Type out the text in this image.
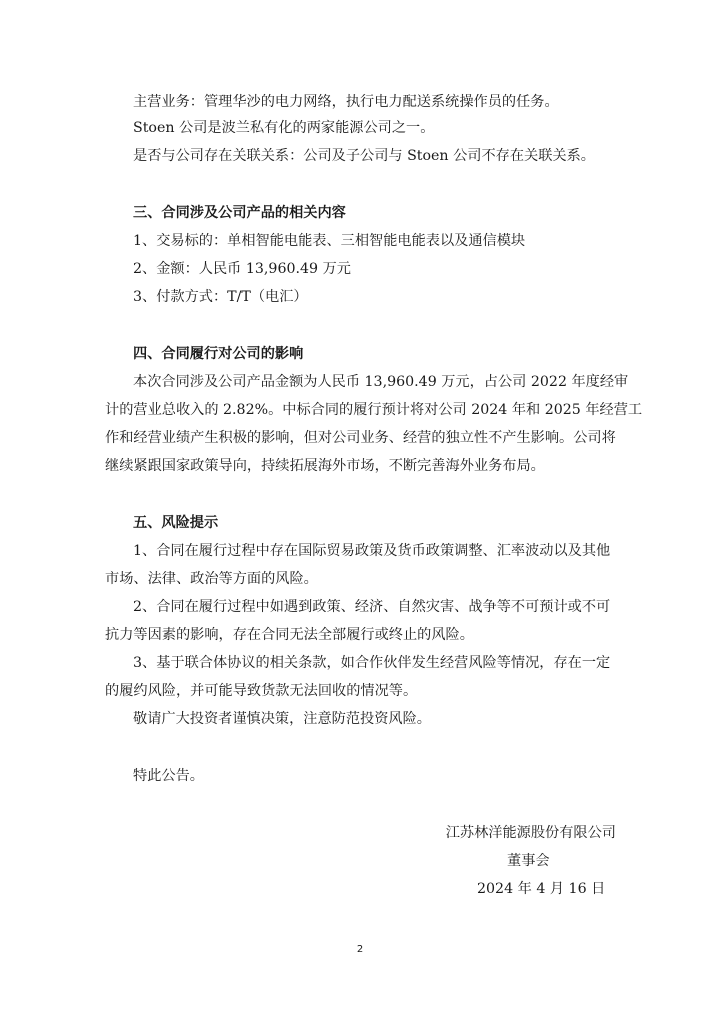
主营业务：管理华沙的电力网络，执行电力配送系统操作员的任务。
Stoen 公司是波兰私有化的两家能源公司之一。
是否与公司存在关联关系：公司及子公司与 Stoen 公司不存在关联关系。
三、合同涉及公司产品的相关内容
1、交易标的：单相智能电能表、三相智能电能表以及通信模块
2、金额：人民币 13,960.49 万元
3、付款方式：T/T（电汇）
四、合同履行对公司的影响
本次合同涉及公司产品金额为人民币 13,960.49 万元，占公司 2022 年度经审
计的营业总收入的 2.82%。中标合同的履行预计将对公司 2024 年和 2025 年经营工
作和经营业绩产生积极的影响，但对公司业务、经营的独立性不产生影响。公司将
继续紧跟国家政策导向，持续拓展海外市场，不断完善海外业务布局。
五、风险提示
1、合同在履行过程中存在国际贸易政策及货币政策调整、汇率波动以及其他
市场、法律、政治等方面的风险。
2、合同在履行过程中如遇到政策、经济、自然灾害、战争等不可预计或不可
抗力等因素的影响，存在合同无法全部履行或终止的风险。
3、基于联合体协议的相关条款，如合作伙伴发生经营风险等情况，存在一定
的履约风险，并可能导致货款无法回收的情况等。
敬请广大投资者谨慎决策，注意防范投资风险。
特此公告。
江苏林洋能源股份有限公司
董事会
2024 年 4 月 16 日
2
